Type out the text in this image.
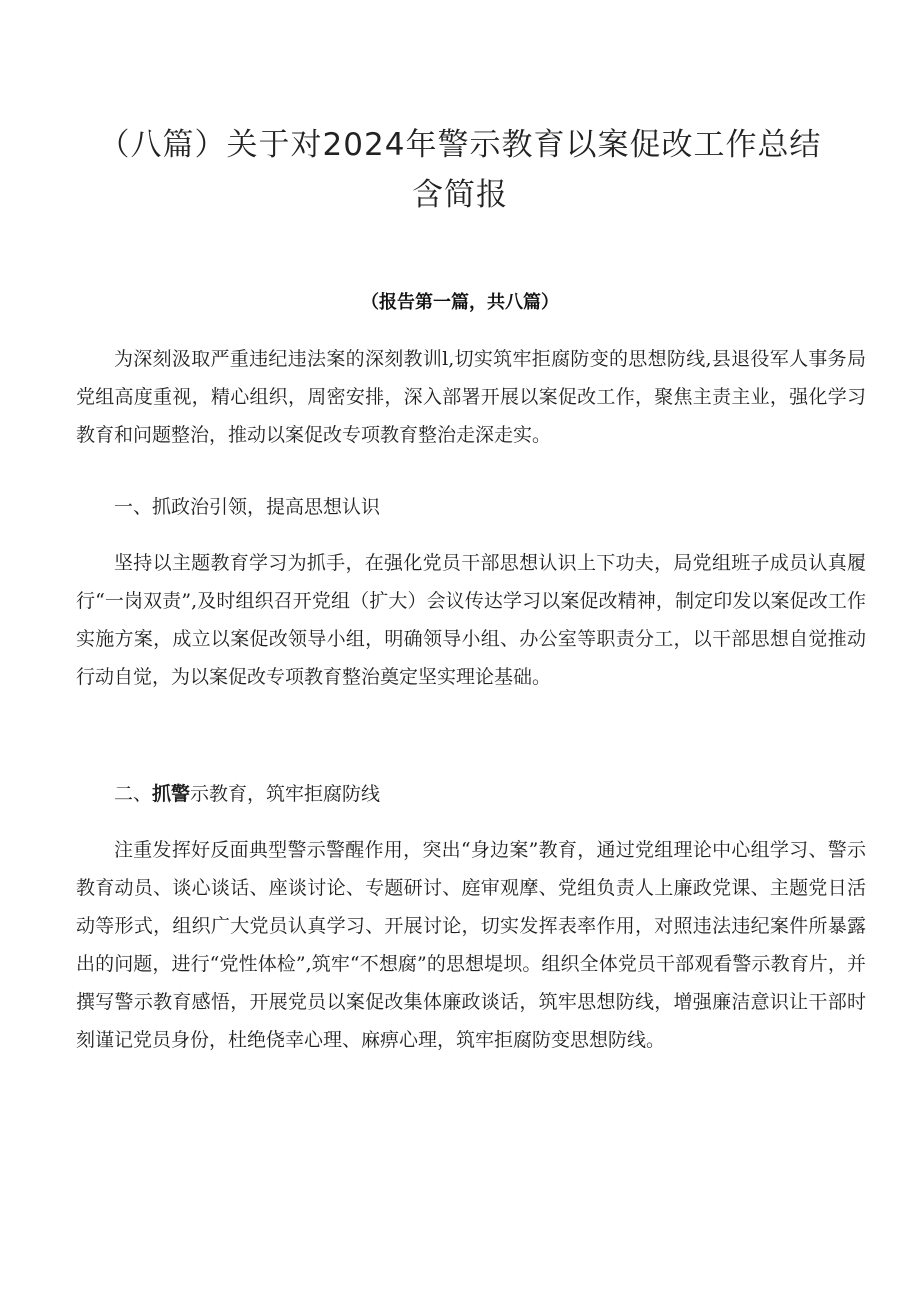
（八篇）关于对2024年警示教育以案促改工作总结
含简报
（报告第一篇，共八篇）

为深刻汲取严重违纪违法案的深刻教训l,切实筑牢拒腐防变的思想防线,县退役军人事务局党组高度重视，精心组织，周密安排，深入部署开展以案促改工作，聚焦主责主业，强化学习教育和问题整治，推动以案促改专项教育整治走深走实。

一、抓政治引领，提高思想认识

坚持以主题教育学习为抓手，在强化党员干部思想认识上下功夫，局党组班子成员认真履行“一岗双责”,及时组织召开党组（扩大）会议传达学习以案促改精神，制定印发以案促改工作实施方案，成立以案促改领导小组，明确领导小组、办公室等职责分工，以干部思想自觉推动行动自觉，为以案促改专项教育整治奠定坚实理论基础。

二、抓警示教育，筑牢拒腐防线

注重发挥好反面典型警示警醒作用，突出“身边案”教育，通过党组理论中心组学习、警示教育动员、谈心谈话、座谈讨论、专题研讨、庭审观摩、党组负责人上廉政党课、主题党日活动等形式，组织广大党员认真学习、开展讨论，切实发挥表率作用，对照违法违纪案件所暴露出的问题，进行“党性体检”,筑牢“不想腐”的思想堤坝。组织全体党员干部观看警示教育片，并撰写警示教育感悟，开展党员以案促改集体廉政谈话，筑牢思想防线，增强廉洁意识让干部时刻谨记党员身份，杜绝侥幸心理、麻痹心理，筑牢拒腐防变思想防线。
